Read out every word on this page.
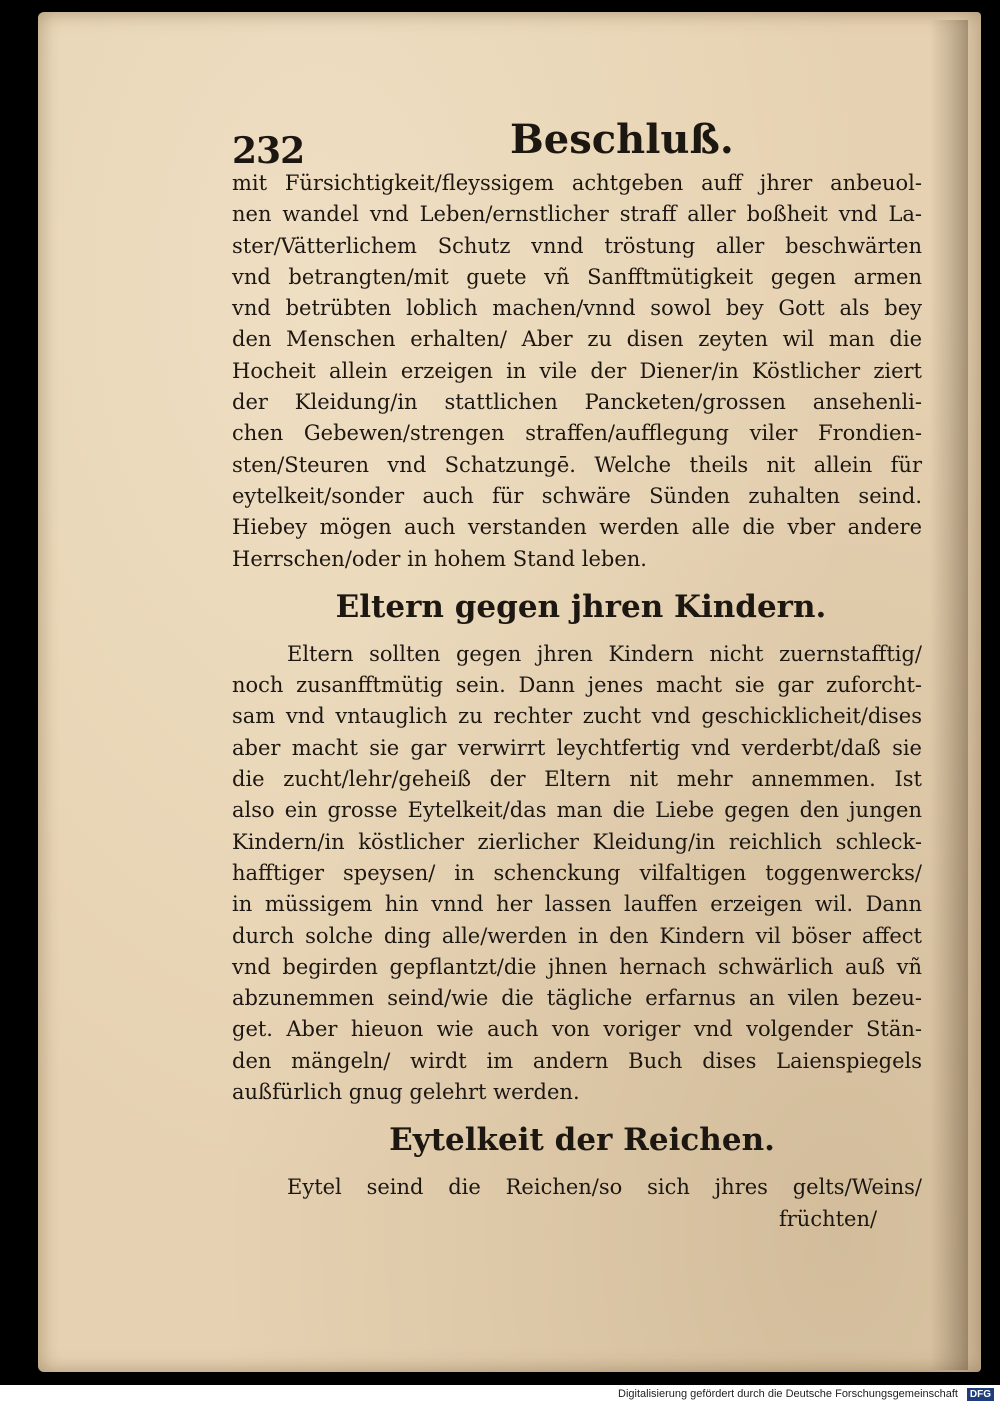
232	Beschluß.
mit Fürsichtigkeit/fleyssigem achtgeben auff jhrer anbeuol-
nen wandel vnd Leben/ernstlicher straff aller boßheit vnd La-
ster/Vätterlichem Schutz vnnd tröstung aller beschwärten
vnd betrangten/mit guete vñ Sanfftmütigkeit gegen armen
vnd betrübten loblich machen/vnnd sowol bey Gott als bey
den Menschen erhalten/ Aber zu disen zeyten wil man die
Hocheit allein erzeigen in vile der Diener/in Köstlicher ziert
der Kleidung/in stattlichen Pancketen/grossen ansehenli-
chen Gebewen/strengen straffen/aufflegung viler Frondien-
sten/Steuren vnd Schatzungē. Welche theils nit allein für
eytelkeit/sonder auch für schwäre Sünden zuhalten seind.
Hiebey mögen auch verstanden werden alle die vber andere
Herrschen/oder in hohem Stand leben.
Eltern gegen jhren Kindern.
Eltern sollten gegen jhren Kindern nicht zuernstafftig/
noch zusanfftmütig sein. Dann jenes macht sie gar zuforcht-
sam vnd vntauglich zu rechter zucht vnd geschicklicheit/dises
aber macht sie gar verwirrt leychtfertig vnd verderbt/daß sie
die zucht/lehr/geheiß der Eltern nit mehr annemmen. Ist
also ein grosse Eytelkeit/das man die Liebe gegen den jungen
Kindern/in köstlicher zierlicher Kleidung/in reichlich schleck-
hafftiger speysen/ in schenckung vilfaltigen toggenwercks/
in müssigem hin vnnd her lassen lauffen erzeigen wil. Dann
durch solche ding alle/werden in den Kindern vil böser affect
vnd begirden gepflantzt/die jhnen hernach schwärlich auß vñ
abzunemmen seind/wie die tägliche erfarnus an vilen bezeu-
get. Aber hieuon wie auch von voriger vnd volgender Stän-
den mängeln/ wirdt im andern Buch dises Laienspiegels
außfürlich gnug gelehrt werden.
Eytelkeit der Reichen.
Eytel seind die Reichen/so sich jhres gelts/Weins/
früchten/
Digitalisierung gefördert durch die Deutsche Forschungsgemeinschaft	DFG
